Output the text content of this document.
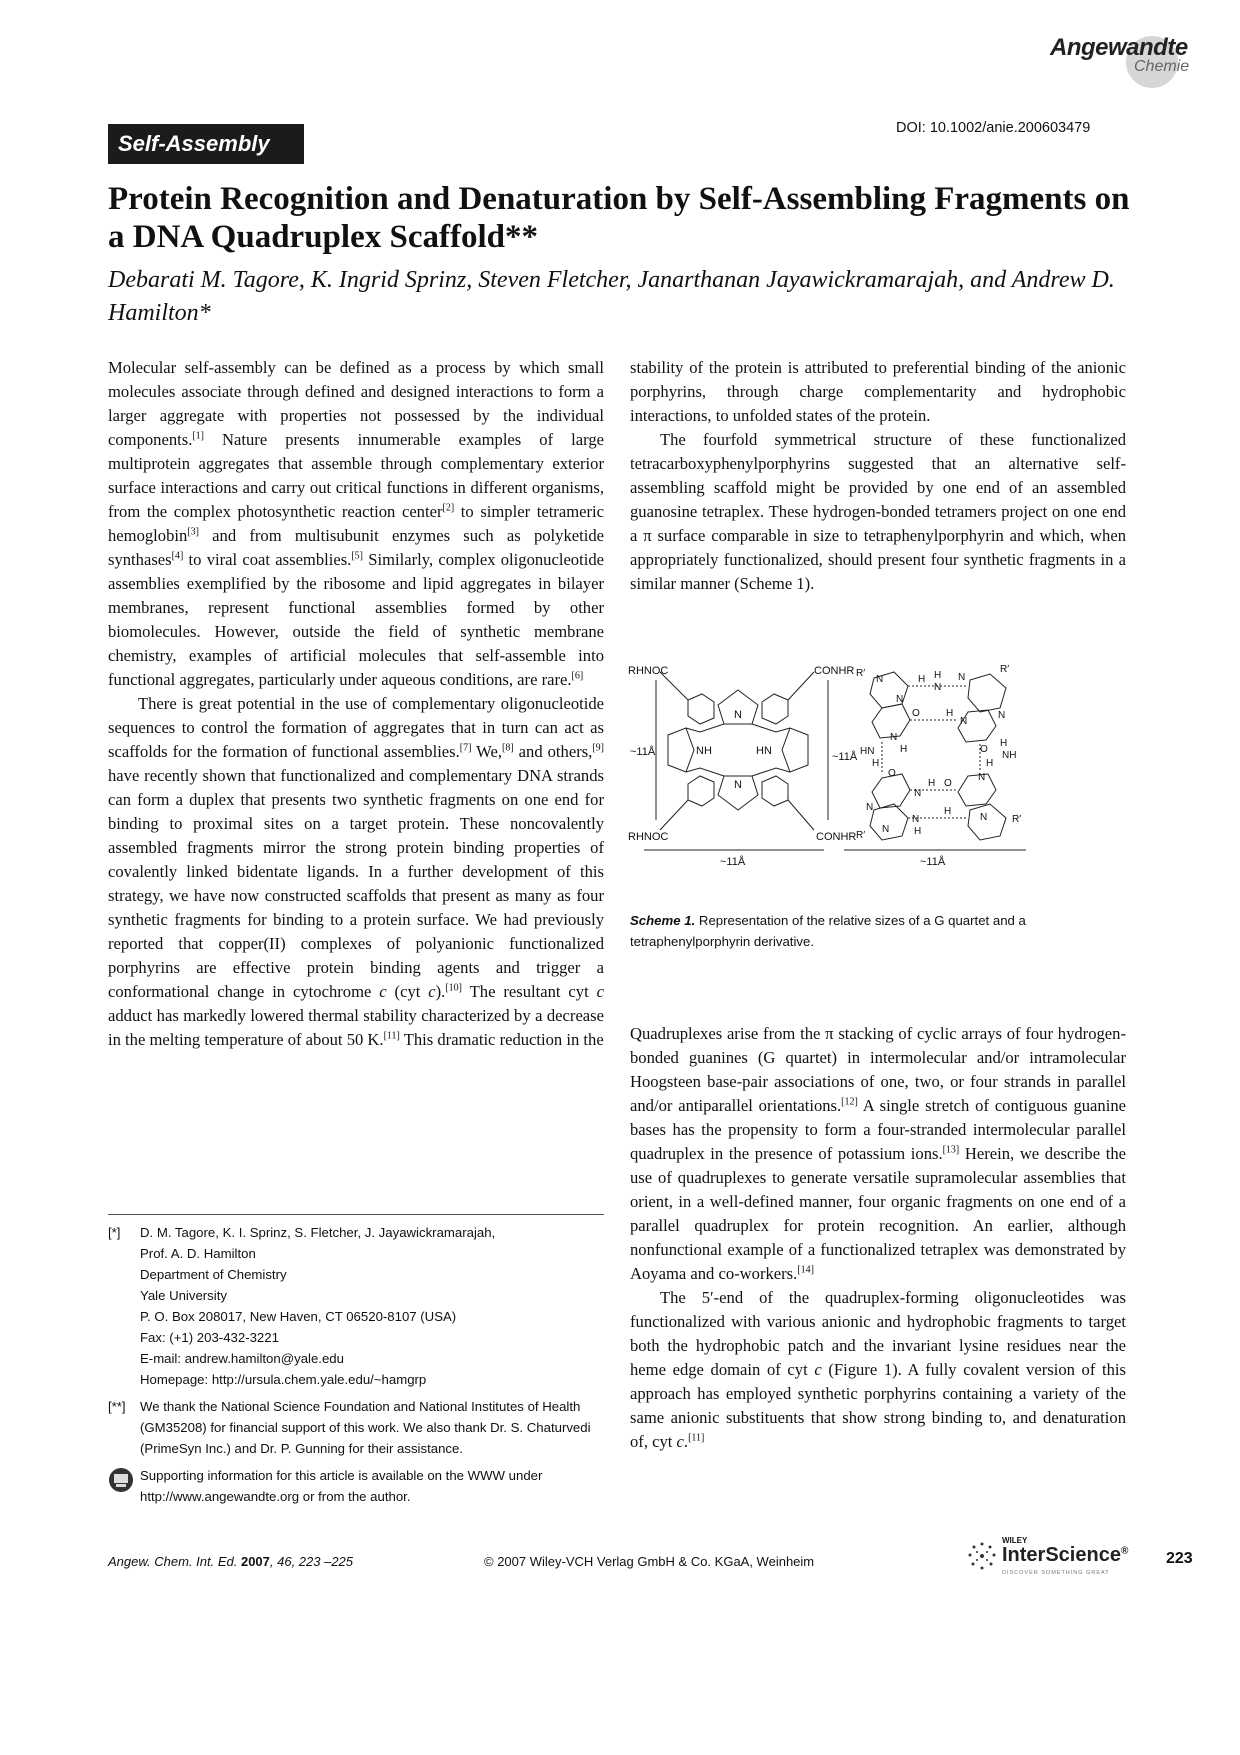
Angewandte
Chemie
DOI: 10.1002/anie.200603479
Self-Assembly
Protein Recognition and Denaturation by Self-Assembling Fragments on a DNA Quadruplex Scaffold**
Debarati M. Tagore, K. Ingrid Sprinz, Steven Fletcher, Janarthanan Jayawickramarajah, and Andrew D. Hamilton*

Molecular self-assembly can be defined as a process by which small molecules associate through defined and designed interactions to form a larger aggregate with properties not possessed by the individual components.[1] Nature presents innumerable examples of large multiprotein aggregates that assemble through complementary exterior surface interactions and carry out critical functions in different organisms, from the complex photosynthetic reaction center[2] to simpler tetrameric hemoglobin[3] and from multisubunit enzymes such as polyketide synthases[4] to viral coat assemblies.[5] Similarly, complex oligonucleotide assemblies exemplified by the ribosome and lipid aggregates in bilayer membranes, represent functional assemblies formed by other biomolecules. However, outside the field of synthetic membrane chemistry, examples of artificial molecules that self-assemble into functional aggregates, particularly under aqueous conditions, are rare.[6]

There is great potential in the use of complementary oligonucleotide sequences to control the formation of aggregates that in turn can act as scaffolds for the formation of functional assemblies.[7] We,[8] and others,[9] have recently shown that functionalized and complementary DNA strands can form a duplex that presents two synthetic fragments on one end for binding to proximal sites on a target protein. These noncovalently assembled fragments mirror the strong protein binding properties of covalently linked bidentate ligands. In a further development of this strategy, we have now constructed scaffolds that present as many as four synthetic fragments for binding to a protein surface. We had previously reported that copper(II) complexes of polyanionic functionalized porphyrins are effective protein binding agents and trigger a conformational change in cytochrome c (cyt c).[10] The resultant cyt c adduct has markedly lowered thermal stability characterized by a decrease in the melting temperature of about 50 K.[11] This dramatic reduction in the

stability of the protein is attributed to preferential binding of the anionic porphyrins, through charge complementarity and hydrophobic interactions, to unfolded states of the protein.

The fourfold symmetrical structure of these functionalized tetracarboxyphenylporphyrins suggested that an alternative self-assembling scaffold might be provided by one end of an assembled guanosine tetraplex. These hydrogen-bonded tetramers project on one end a π surface comparable in size to tetraphenylporphyrin and which, when appropriately functionalized, should present four synthetic fragments in a similar manner (Scheme 1).

RHNOC	CONHR
RHNOC	CONHR
N
N
NH	HN
~11Å
~11Å
~11Å
~11Å
R′
N
N
H
N
H N
R′
O	H
N
N
HN
H
N
O
H
NH
H
H
O
N
H O
N
N
N
N
H
R′
N R′
H
Scheme 1. Representation of the relative sizes of a G quartet and a tetraphenylporphyrin derivative.

Quadruplexes arise from the π stacking of cyclic arrays of four hydrogen-bonded guanines (G quartet) in intermolecular and/or intramolecular Hoogsteen base-pair associations of one, two, or four strands in parallel and/or antiparallel orientations.[12] A single stretch of contiguous guanine bases has the propensity to form a four-stranded intermolecular parallel quadruplex in the presence of potassium ions.[13] Herein, we describe the use of quadruplexes to generate versatile supramolecular assemblies that orient, in a well-defined manner, four organic fragments on one end of a parallel quadruplex for protein recognition. An earlier, although nonfunctional example of a functionalized tetraplex was demonstrated by Aoyama and co-workers.[14]

The 5′-end of the quadruplex-forming oligonucleotides was functionalized with various anionic and hydrophobic fragments to target both the hydrophobic patch and the invariant lysine residues near the heme edge domain of cyt c (Figure 1). A fully covalent version of this approach has employed synthetic porphyrins containing a variety of the same anionic substituents that show strong binding to, and denaturation of, cyt c.[11]

[*] D. M. Tagore, K. I. Sprinz, S. Fletcher, J. Jayawickramarajah,
Prof. A. D. Hamilton
Department of Chemistry
Yale University
P. O. Box 208017, New Haven, CT 06520-8107 (USA)
Fax: (+1) 203-432-3221
E-mail: andrew.hamilton@yale.edu
Homepage: http://ursula.chem.yale.edu/~hamgrp
[**] We thank the National Science Foundation and National Institutes of Health (GM35208) for financial support of this work. We also thank Dr. S. Chaturvedi (PrimeSyn Inc.) and Dr. P. Gunning for their assistance.
Supporting information for this article is available on the WWW under http://www.angewandte.org or from the author.
Angew. Chem. Int. Ed. 2007, 46, 223 –225	© 2007 Wiley-VCH Verlag GmbH & Co. KGaA, Weinheim
WILEY
InterScience®
DISCOVER SOMETHING GREAT
223
